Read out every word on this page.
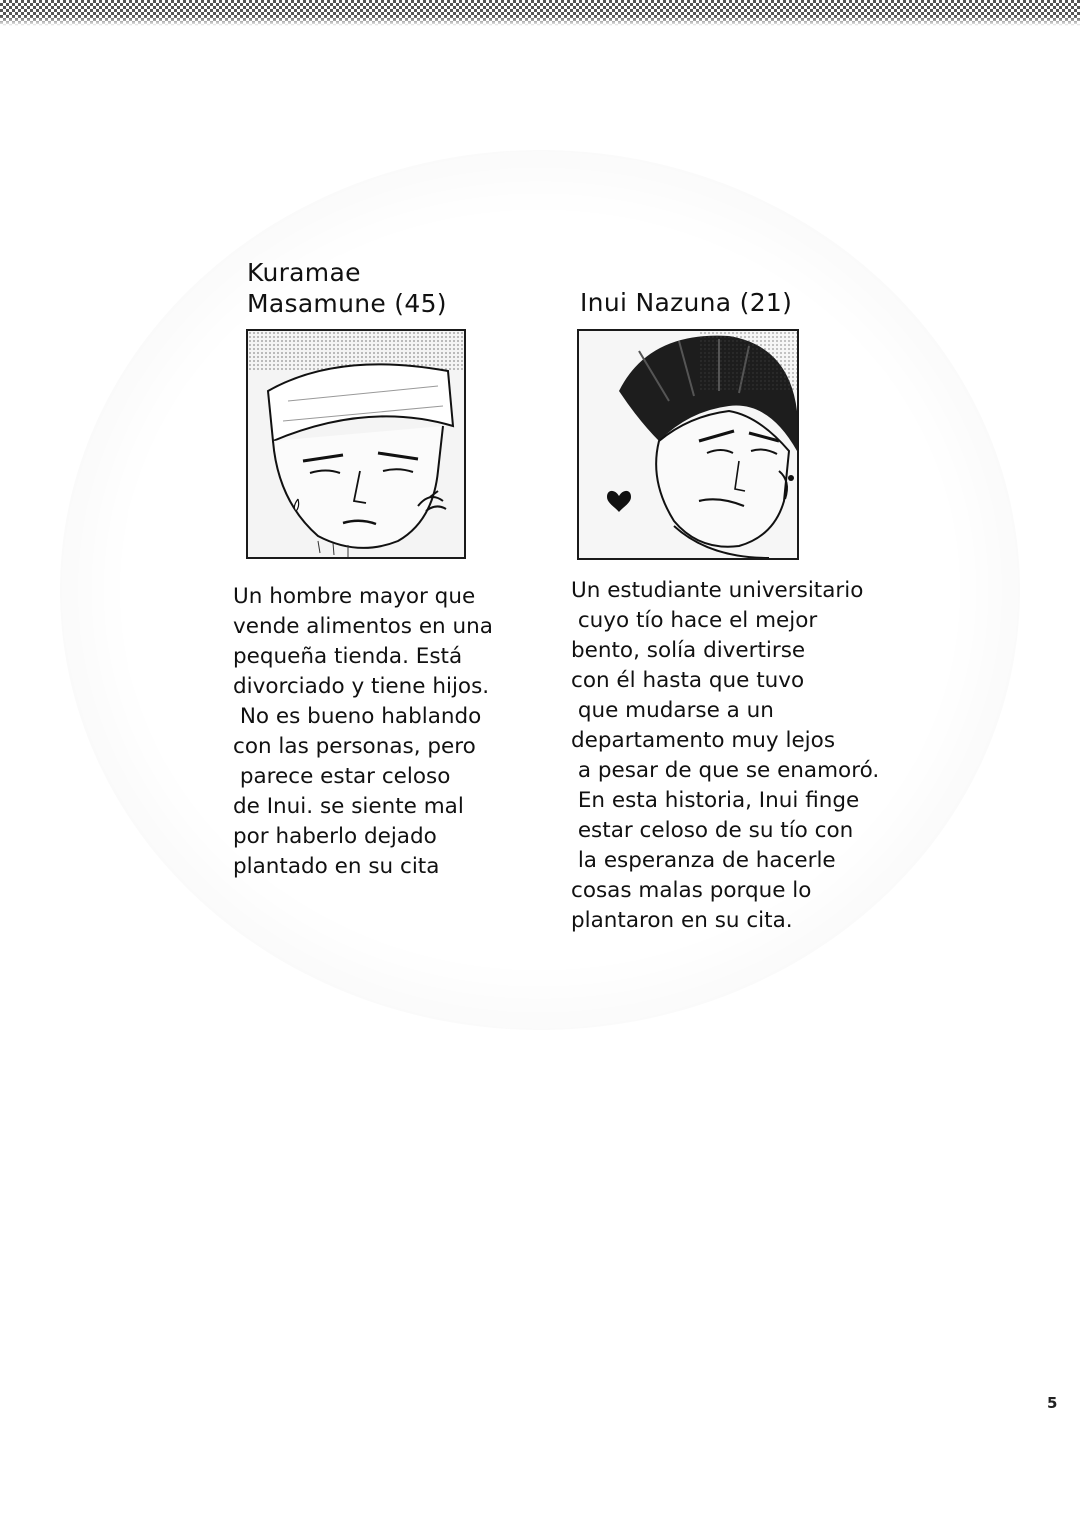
Kuramae
Masamune (45)

Un hombre mayor que
vende alimentos en una
pequeña tienda. Está
divorciado y tiene hijos.
No es bueno hablando
con las personas, pero
parece estar celoso
de Inui. se siente mal
por haberlo dejado
plantado en su cita

Inui Nazuna (21)

Un estudiante universitario
cuyo tío hace el mejor
bento, solía divertirse
con él hasta que tuvo
que mudarse a un
departamento muy lejos
a pesar de que se enamoró.
En esta historia, Inui finge
estar celoso de su tío con
la esperanza de hacerle
cosas malas porque lo
plantaron en su cita.

5
